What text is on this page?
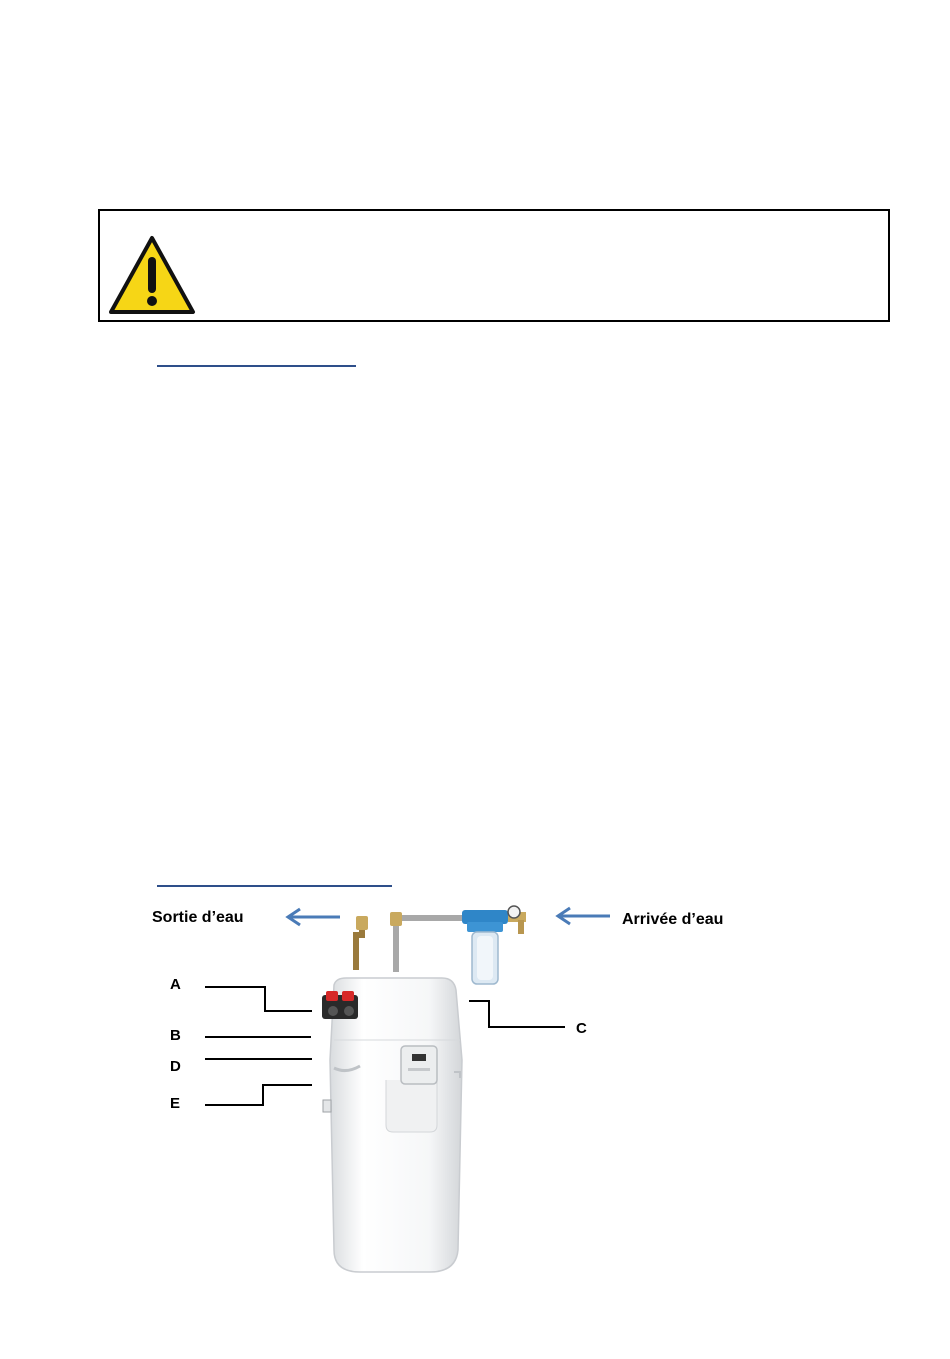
Sortie d’eau	Arrivée d’eau
A
B	C
D
E
